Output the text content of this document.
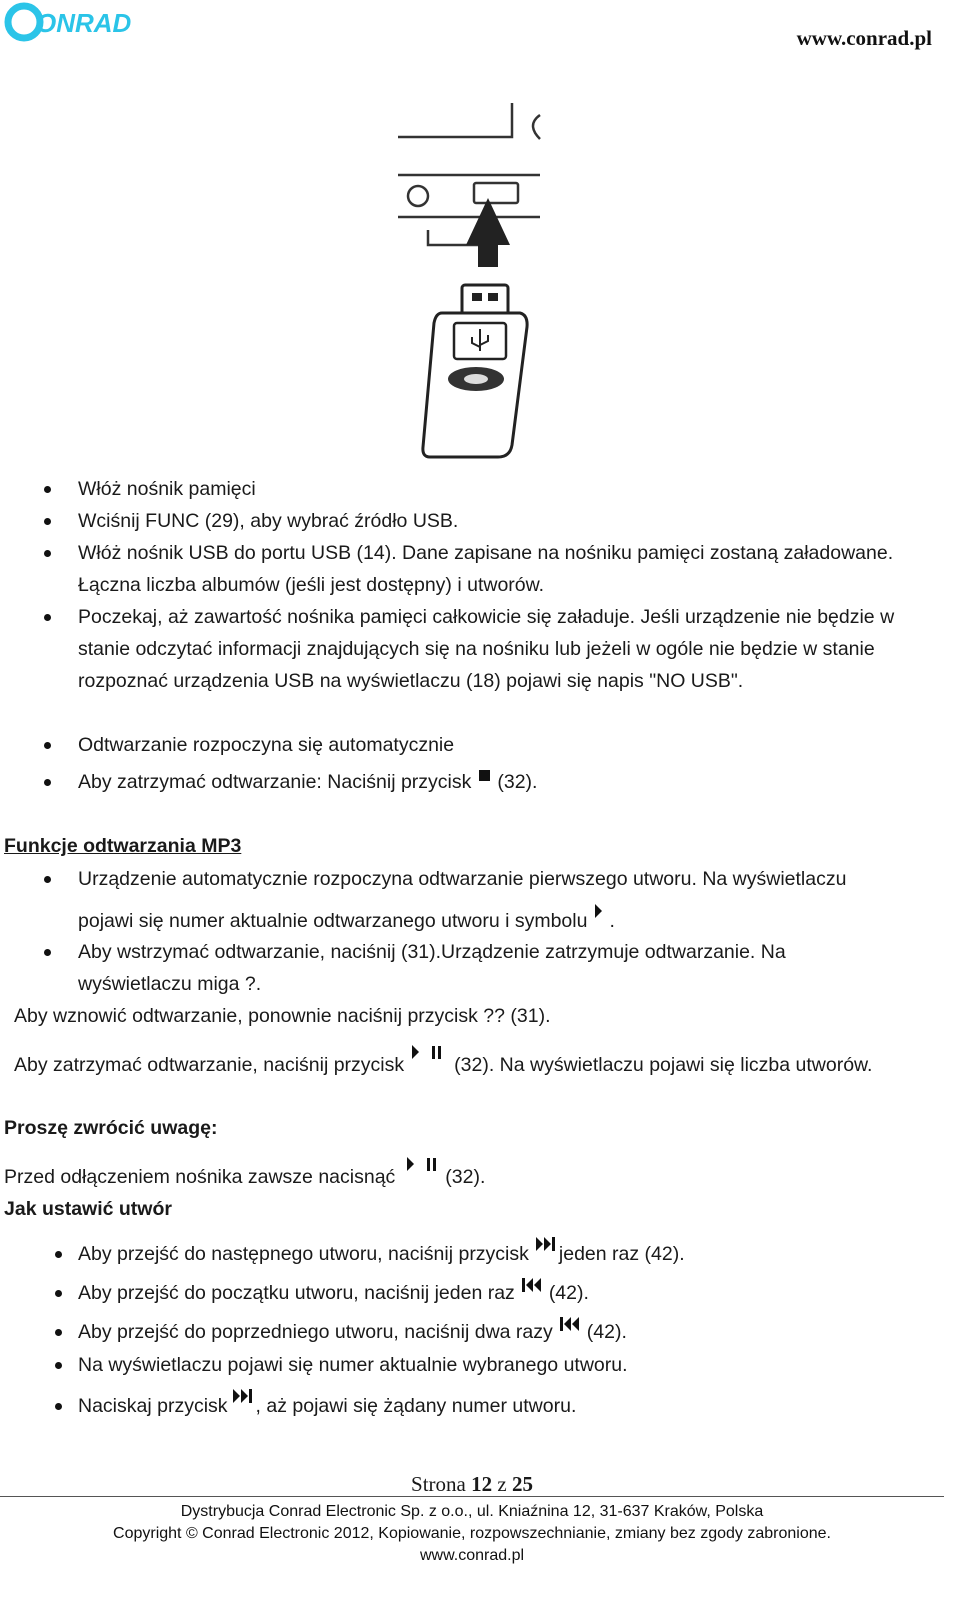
ONRAD	www.conrad.pl
Włóż nośnik pamięci
Wciśnij FUNC (29), aby wybrać źródło USB.
Włóż nośnik USB do portu USB (14). Dane zapisane na nośniku pamięci zostaną załadowane.
Łączna liczba albumów (jeśli jest dostępny) i utworów.
Poczekaj, aż zawartość nośnika pamięci całkowicie się załaduje. Jeśli urządzenie nie będzie w
stanie odczytać informacji znajdujących się na nośniku lub jeżeli w ogóle nie będzie w stanie
rozpoznać urządzenia USB na wyświetlaczu (18) pojawi się napis "NO USB".
Odtwarzanie rozpoczyna się automatycznie
Aby zatrzymać odtwarzanie: Naciśnij przycisk (32).
Funkcje odtwarzania MP3
Urządzenie automatycznie rozpoczyna odtwarzanie pierwszego utworu. Na wyświetlaczu
pojawi się numer aktualnie odtwarzanego utworu i symbolu .
Aby wstrzymać odtwarzanie, naciśnij (31).Urządzenie zatrzymuje odtwarzanie. Na
wyświetlaczu miga ?.
Aby wznowić odtwarzanie, ponownie naciśnij przycisk ?? (31).
Aby zatrzymać odtwarzanie, naciśnij przycisk	(32). Na wyświetlaczu pojawi się liczba utworów.
Proszę zwrócić uwagę:
Przed odłączeniem nośnika zawsze nacisnąć	(32).
Jak ustawić utwór
Aby przejść do następnego utworu, naciśnij przycisk jeden raz (42).
Aby przejść do początku utworu, naciśnij jeden raz (42).
Aby przejść do poprzedniego utworu, naciśnij dwa razy (42).
Na wyświetlaczu pojawi się numer aktualnie wybranego utworu.
Naciskaj przycisk , aż pojawi się żądany numer utworu.
Strona 12 z 25
Dystrybucja Conrad Electronic Sp. z o.o., ul. Kniaźnina 12, 31-637 Kraków, Polska
Copyright © Conrad Electronic 2012, Kopiowanie, rozpowszechnianie, zmiany bez zgody zabronione.
www.conrad.pl
